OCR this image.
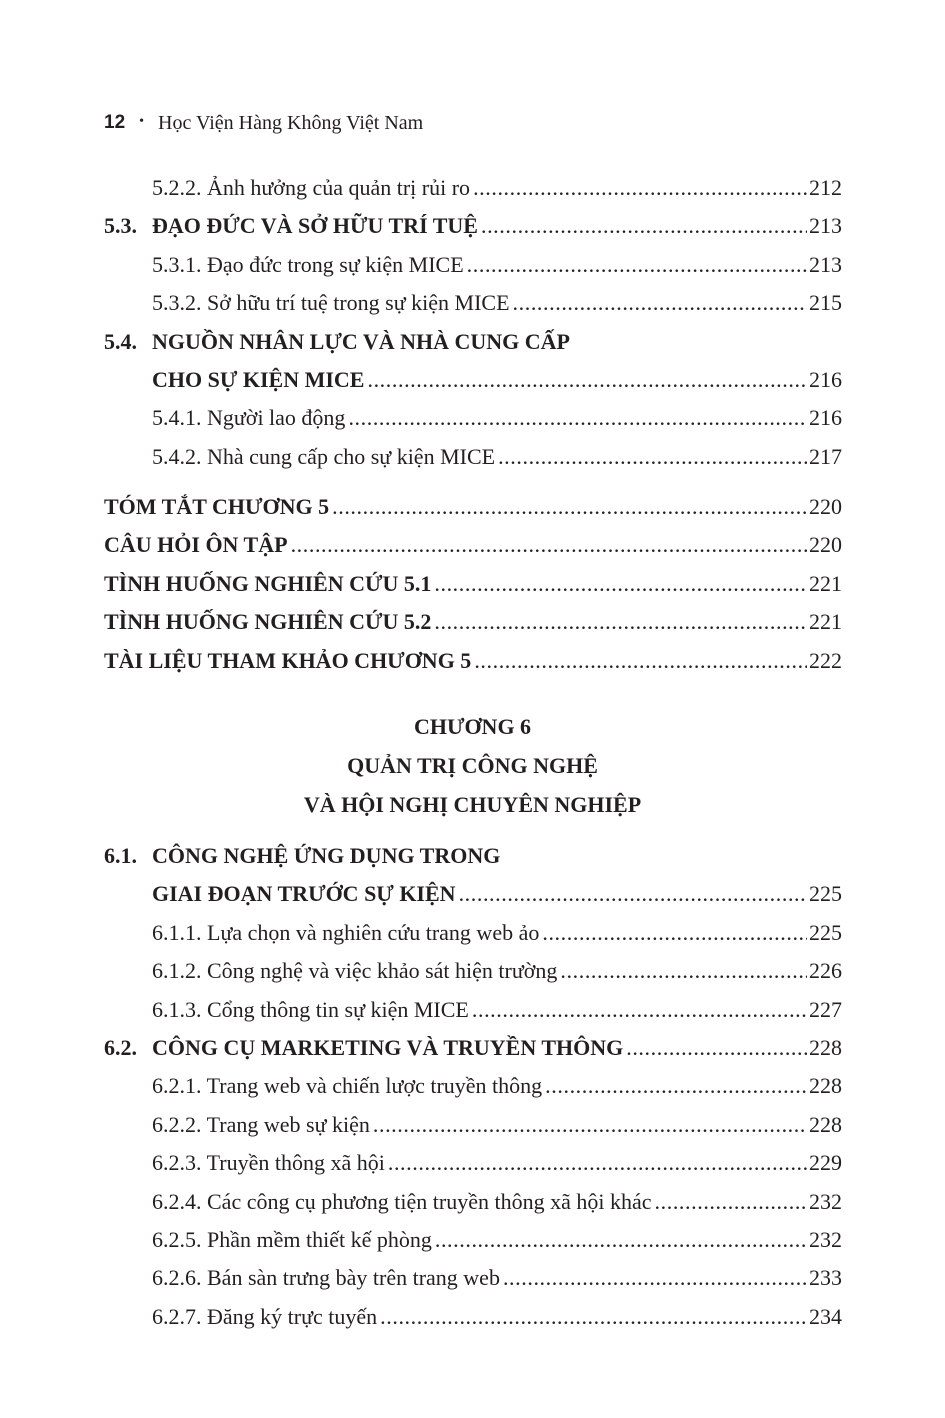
12 • Học Viện Hàng Không Việt Nam
5.2.2. Ảnh hưởng của quản trị rủi ro .....	212
5.3. ĐẠO ĐỨC VÀ SỞ HỮU TRÍ TUỆ .....	213
5.3.1. Đạo đức trong sự kiện MICE .....	213
5.3.2. Sở hữu trí tuệ trong sự kiện MICE .....	215
5.4. NGUỒN NHÂN LỰC VÀ NHÀ CUNG CẤP
CHO SỰ KIỆN MICE .....	216
5.4.1. Người lao động .....	216
5.4.2. Nhà cung cấp cho sự kiện MICE .....	217
TÓM TẮT CHƯƠNG 5 .....	220
CÂU HỎI ÔN TẬP .....	220
TÌNH HUỐNG NGHIÊN CỨU 5.1 .....	221
TÌNH HUỐNG NGHIÊN CỨU 5.2 .....	221
TÀI LIỆU THAM KHẢO CHƯƠNG 5 .....	222
CHƯƠNG 6
QUẢN TRỊ CÔNG NGHỆ
VÀ HỘI NGHỊ CHUYÊN NGHIỆP
6.1. CÔNG NGHỆ ỨNG DỤNG TRONG
GIAI ĐOẠN TRƯỚC SỰ KIỆN .....	225
6.1.1. Lựa chọn và nghiên cứu trang web ảo .....	225
6.1.2. Công nghệ và việc khảo sát hiện trường .....	226
6.1.3. Cổng thông tin sự kiện MICE .....	227
6.2. CÔNG CỤ MARKETING VÀ TRUYỀN THÔNG .....	228
6.2.1. Trang web và chiến lược truyền thông .....	228
6.2.2. Trang web sự kiện .....	228
6.2.3. Truyền thông xã hội .....	229
6.2.4. Các công cụ phương tiện truyền thông xã hội khác .....	232
6.2.5. Phần mềm thiết kế phòng .....	232
6.2.6. Bán sàn trưng bày trên trang web .....	233
6.2.7. Đăng ký trực tuyến .....	234
